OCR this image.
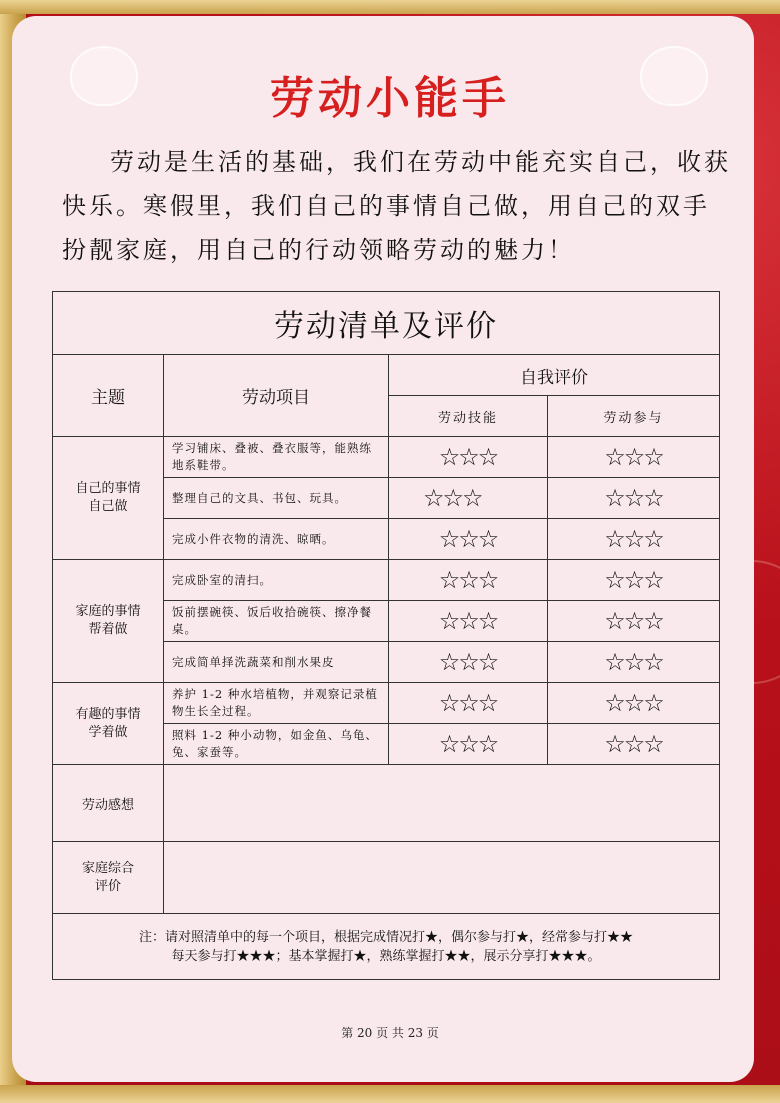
劳动小能手
劳动是生活的基础，我们在劳动中能充实自己，收获快乐。寒假里，我们自己的事情自己做，用自己的双手扮靓家庭，用自己的行动领略劳动的魅力！
劳动清单及评价			
主题	劳动项目	自我评价	
		劳动技能	劳动参与

自己的事情
自己做	学习铺床、叠被、叠衣服等，能熟练地系鞋带。	☆☆☆	☆☆☆
	整理自己的文具、书包、玩具。	☆☆☆	☆☆☆
	完成小件衣物的清洗、晾晒。	☆☆☆	☆☆☆

家庭的事情
帮着做	完成卧室的清扫。	☆☆☆	☆☆☆
	饭前摆碗筷、饭后收拾碗筷、擦净餐桌。	☆☆☆	☆☆☆
	完成简单择洗蔬菜和削水果皮	☆☆☆	☆☆☆

有趣的事情
学着做	养护 1-2 种水培植物，并观察记录植物生长全过程。	☆☆☆	☆☆☆
	照料 1-2 种小动物，如金鱼、乌龟、兔、家蚕等。	☆☆☆	☆☆☆
劳动感想			

家庭综合
评价			

注：请对照清单中的每一个项目，根据完成情况打★，偶尔参与打★，经常参与打★★
每天参与打★★★；基本掌握打★，熟练掌握打★★，展示分享打★★★。			
第 20 页 共 23 页
